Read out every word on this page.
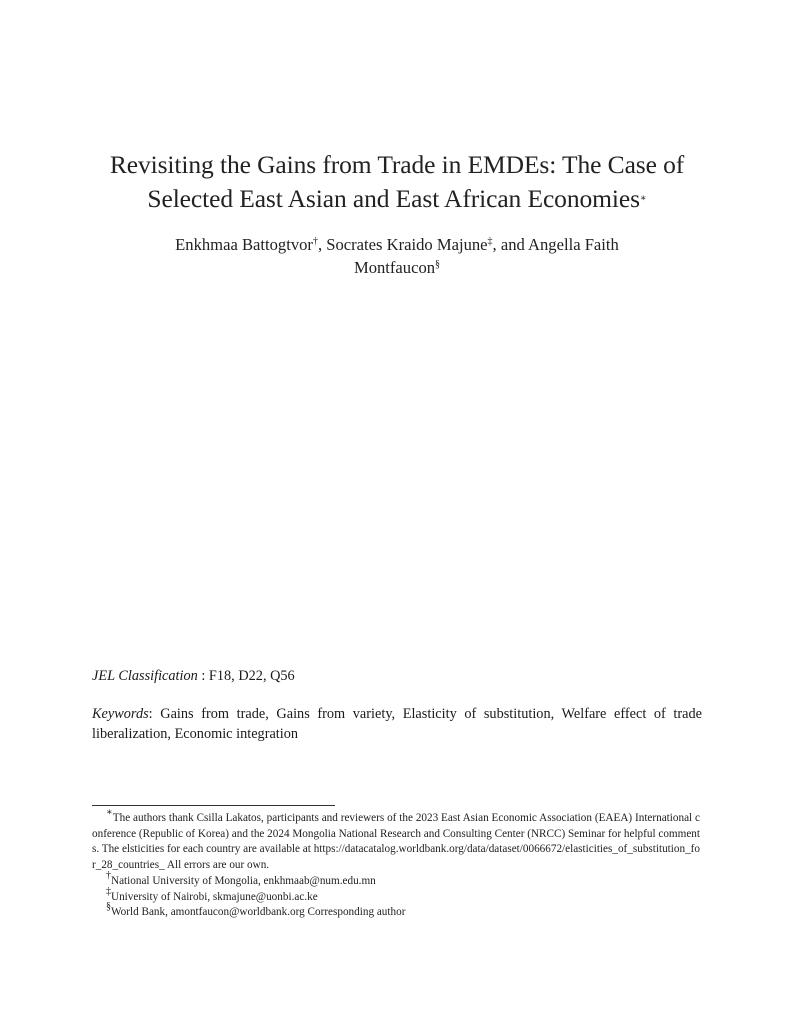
Revisiting the Gains from Trade in EMDEs: The Case of
Selected East Asian and East African Economies∗
Enkhmaa Battogtvor†, Socrates Kraido Majune‡, and Angella Faith
Montfaucon§
JEL Classification : F18, D22, Q56
Keywords: Gains from trade, Gains from variety, Elasticity of substitution, Welfare effect of trade liberalization, Economic integration

∗The authors thank Csilla Lakatos, participants and reviewers of the 2023 East Asian Economic Association (EAEA) International conference (Republic of Korea) and the 2024 Mongolia National Research and Consulting Center (NRCC) Seminar for helpful comments. The elsticities for each country are available at https://datacatalog.worldbank.org/data/dataset/0066672/elasticities_of_substitution_for_28_countries_ All errors are our own.

†National University of Mongolia, enkhmaab@num.edu.mn

‡University of Nairobi, skmajune@uonbi.ac.ke

§World Bank, amontfaucon@worldbank.org Corresponding author
